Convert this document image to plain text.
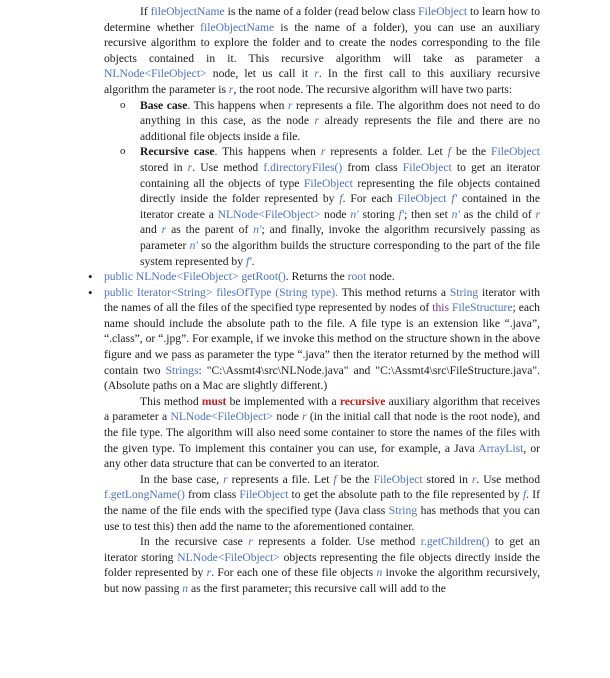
If fileObjectName is the name of a folder (read below class FileObject to learn how to determine whether fileObjectName is the name of a folder), you can use an auxiliary recursive algorithm to explore the folder and to create the nodes corresponding to the file objects contained in it. This recursive algorithm will take as parameter a NLNode<FileObject> node, let us call it r. In the first call to this auxiliary recursive algorithm the parameter is r, the root node. The recursive algorithm will have two parts:

o Base case. This happens when r represents a file. The algorithm does not need to do anything in this case, as the node r already represents the file and there are no additional file objects inside a file.
o Recursive case. This happens when r represents a folder. Let f be the FileObject stored in r. Use method f.directoryFiles() from class FileObject to get an iterator containing all the objects of type FileObject representing the file objects contained directly inside the folder represented by f. For each FileObject f' contained in the iterator create a NLNode<FileObject> node n' storing f'; then set n' as the child of r and r as the parent of n'; and finally, invoke the algorithm recursively passing as parameter n' so the algorithm builds the structure corresponding to the part of the file system represented by f'.
• public NLNode<FileObject> getRoot(). Returns the root node.
• public Iterator<String> filesOfType (String type). This method returns a String iterator with the names of all the files of the specified type represented by nodes of this FileStructure; each name should include the absolute path to the file. A file type is an extension like “.java”, “.class”, or “.jpg”. For example, if we invoke this method on the structure shown in the above figure and we pass as parameter the type “.java” then the iterator returned by the method will contain two Strings: "C:\Assmt4\src\NLNode.java" and "C:\Assmt4\src\FileStructure.java". (Absolute paths on a Mac are slightly different.)

This method must be implemented with a recursive auxiliary algorithm that receives a parameter a NLNode<FileObject> node r (in the initial call that node is the root node), and the file type. The algorithm will also need some container to store the names of the files with the given type. To implement this container you can use, for example, a Java ArrayList, or any other data structure that can be converted to an iterator.

In the base case, r represents a file. Let f be the FileObject stored in r. Use method f.getLongName() from class FileObject to get the absolute path to the file represented by f. If the name of the file ends with the specified type (Java class String has methods that you can use to test this) then add the name to the aforementioned container.

In the recursive case r represents a folder. Use method r.getChildren() to get an iterator storing NLNode<FileObject> objects representing the file objects directly inside the folder represented by r. For each one of these file objects n invoke the algorithm recursively, but now passing n as the first parameter; this recursive call will add to the
